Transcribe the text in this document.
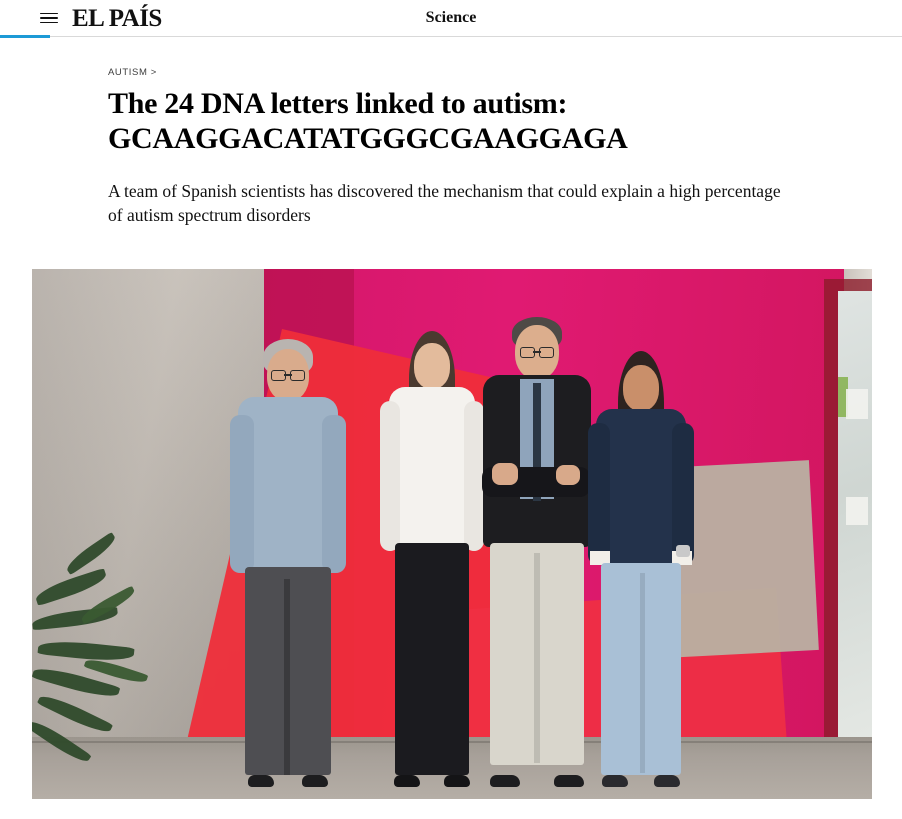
EL PAÍS	Science
AUTISM >
The 24 DNA letters linked to autism: GCAAGGACATATGGGCGAAGGAGA

A team of Spanish scientists has discovered the mechanism that could explain a high percentage of autism spectrum disorders
